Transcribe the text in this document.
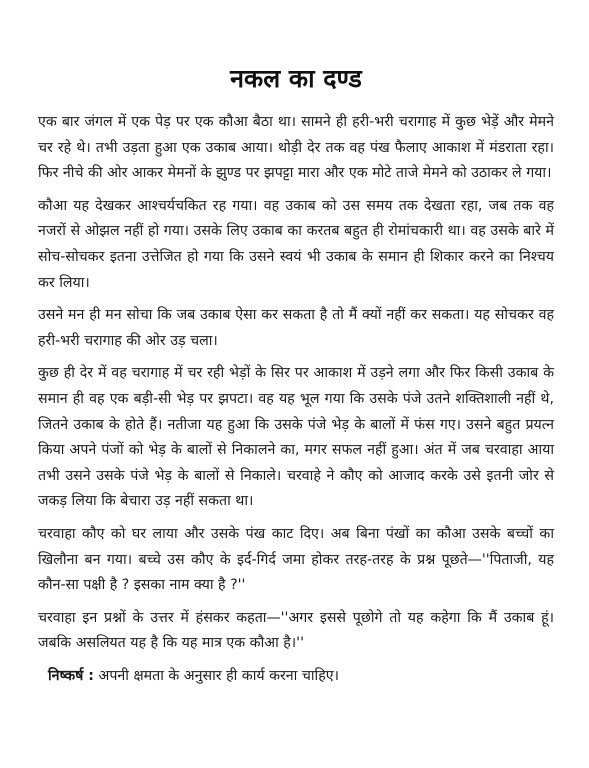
नकल का दण्ड

एक बार जंगल में एक पेड़ पर एक कौआ बैठा था। सामने ही हरी-भरी चरागाह में कुछ भेड़ें और मेमने चर रहे थे। तभी उड़ता हुआ एक उकाब आया। थोड़ी देर तक वह पंख फैलाए आकाश में मंडराता रहा। फिर नीचे की ओर आकर मेमनों के झुण्ड पर झपट्टा मारा और एक मोटे ताजे मेमने को उठाकर ले गया।

कौआ यह देखकर आश्चर्यचकित रह गया। वह उकाब को उस समय तक देखता रहा, जब तक वह नजरों से ओझल नहीं हो गया। उसके लिए उकाब का करतब बहुत ही रोमांचकारी था। वह उसके बारे में सोच-सोचकर इतना उत्तेजित हो गया कि उसने स्वयं भी उकाब के समान ही शिकार करने का निश्चय कर लिया।

उसने मन ही मन सोचा कि जब उकाब ऐसा कर सकता है तो मैं क्यों नहीं कर सकता। यह सोचकर वह हरी-भरी चरागाह की ओर उड़ चला।

कुछ ही देर में वह चरागाह में चर रही भेड़ों के सिर पर आकाश में उड़ने लगा और फिर किसी उकाब के समान ही वह एक बड़ी-सी भेड़ पर झपटा। वह यह भूल गया कि उसके पंजे उतने शक्तिशाली नहीं थे, जितने उकाब के होते हैं। नतीजा यह हुआ कि उसके पंजे भेड़ के बालों में फंस गए। उसने बहुत प्रयत्न किया अपने पंजों को भेड़ के बालों से निकालने का, मगर सफल नहीं हुआ। अंत में जब चरवाहा आया तभी उसने उसके पंजे भेड़ के बालों से निकाले। चरवाहे ने कौए को आजाद करके उसे इतनी जोर से जकड़ लिया कि बेचारा उड़ नहीं सकता था।

चरवाहा कौए को घर लाया और उसके पंख काट दिए। अब बिना पंखों का कौआ उसके बच्चों का खिलौना बन गया। बच्चे उस कौए के इर्द-गिर्द जमा होकर तरह-तरह के प्रश्न पूछते—''पिताजी, यह कौन-सा पक्षी है ? इसका नाम क्या है ?''

चरवाहा इन प्रश्नों के उत्तर में हंसकर कहता—''अगर इससे पूछोगे तो यह कहेगा कि मैं उकाब हूं। जबकि असलियत यह है कि यह मात्र एक कौआ है।''

निष्कर्ष : अपनी क्षमता के अनुसार ही कार्य करना चाहिए।
